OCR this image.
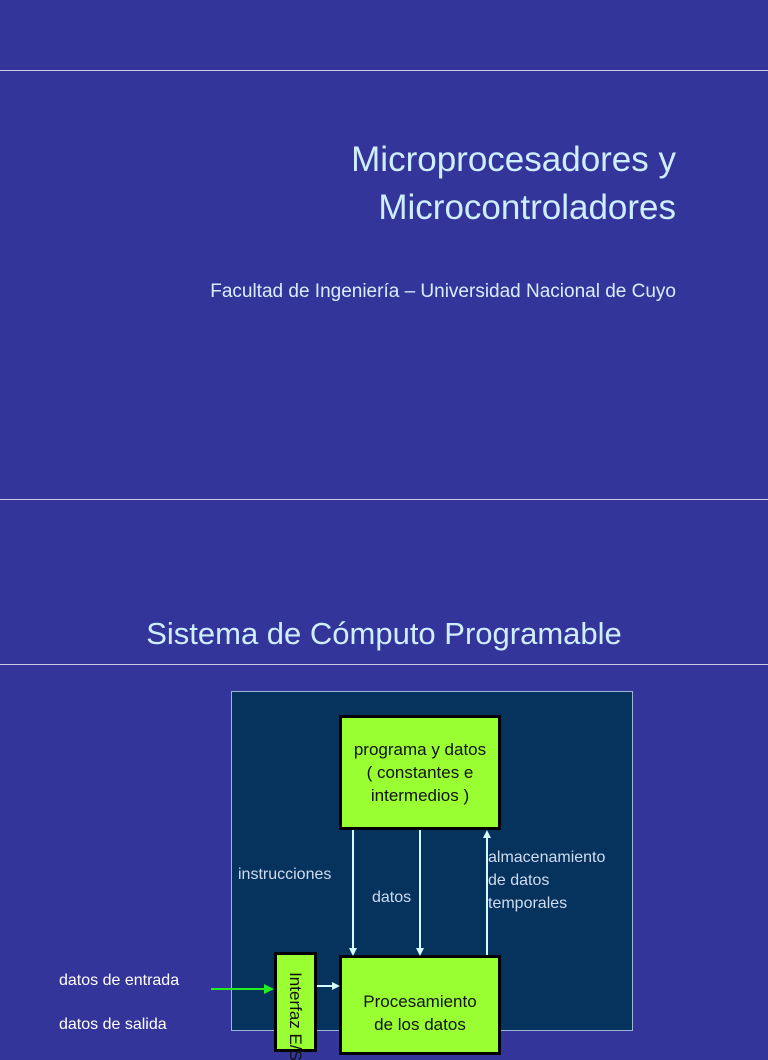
Microprocesadores y
Microcontroladores
Facultad de Ingeniería – Universidad Nacional de Cuyo
Sistema de Cómputo Programable
programa y datos
( constantes e
intermedios )
Procesamiento
de los datos
Interfaz E/S
instrucciones
datos
almacenamiento
de datos
temporales
datos de entrada
datos de salida
